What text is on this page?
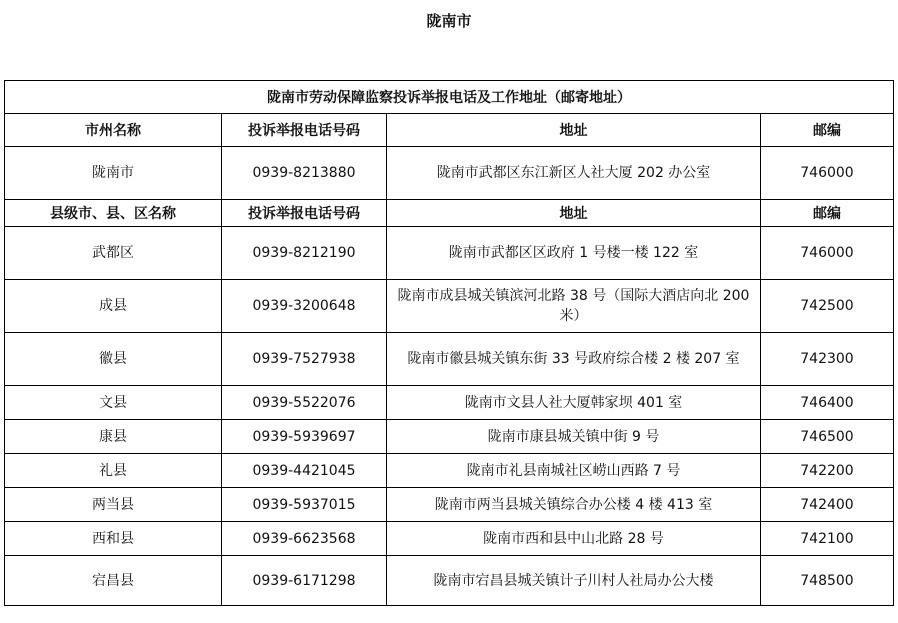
陇南市
陇南市劳动保障监察投诉举报电话及工作地址（邮寄地址）			
市州名称	投诉举报电话号码	地址	邮编
陇南市	0939-8213880	陇南市武都区东江新区人社大厦 202 办公室	746000
县级市、县、区名称	投诉举报电话号码	地址	邮编
武都区	0939-8212190	陇南市武都区区政府 1 号楼一楼 122 室	746000
成县	0939-3200648	陇南市成县城关镇滨河北路 38 号（国际大酒店向北 200 米）	742500
徽县	0939-7527938	陇南市徽县城关镇东街 33 号政府综合楼 2 楼 207 室	742300
文县	0939-5522076	陇南市文县人社大厦韩家坝 401 室	746400
康县	0939-5939697	陇南市康县城关镇中街 9 号	746500
礼县	0939-4421045	陇南市礼县南城社区崂山西路 7 号	742200
两当县	0939-5937015	陇南市两当县城关镇综合办公楼 4 楼 413 室	742400
西和县	0939-6623568	陇南市西和县中山北路 28 号	742100
宕昌县	0939-6171298	陇南市宕昌县城关镇计子川村人社局办公大楼	748500
